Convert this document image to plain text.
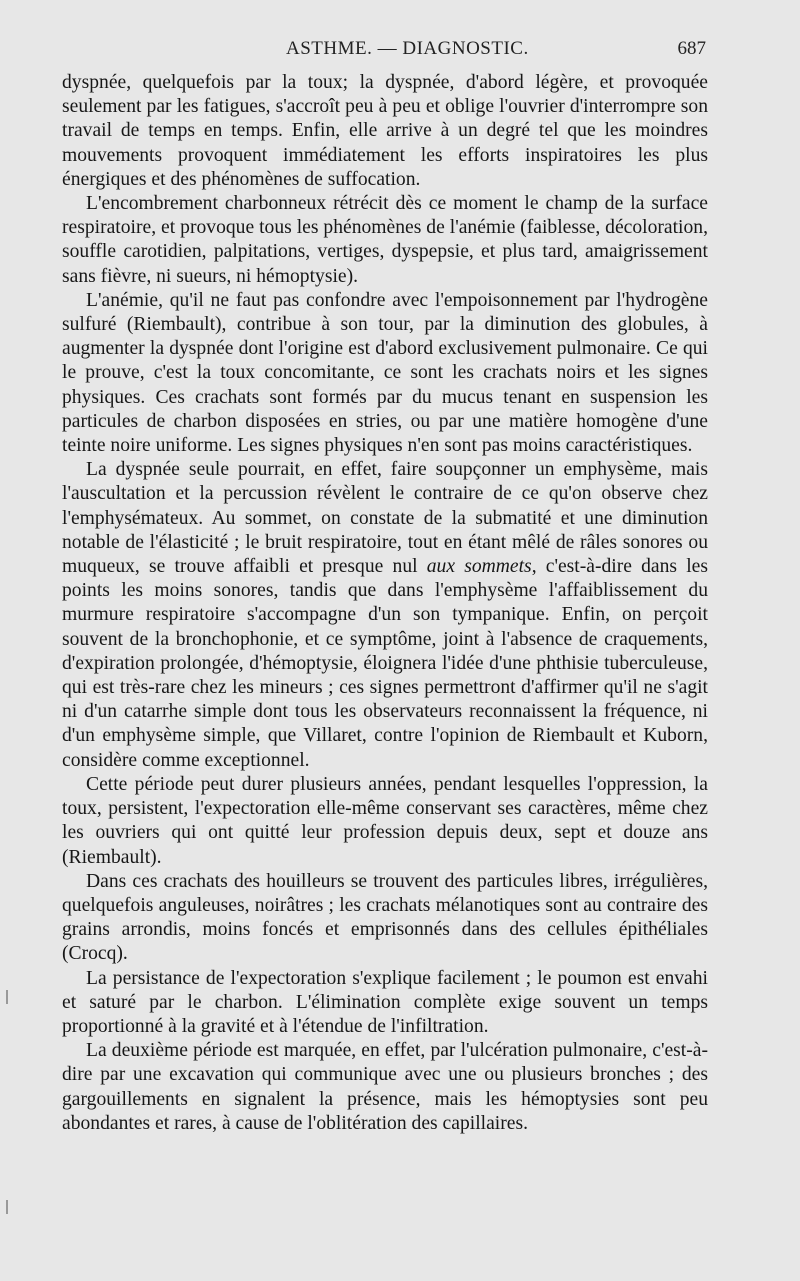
ASTHME. — DIAGNOSTIC.	687

dyspnée, quelquefois par la toux; la dyspnée, d'abord légère, et provoquée seulement par les fatigues, s'accroît peu à peu et oblige l'ouvrier d'interrompre son travail de temps en temps. Enfin, elle arrive à un degré tel que les moindres mouvements provoquent immédiatement les efforts inspiratoires les plus énergiques et des phénomènes de suffocation.

L'encombrement charbonneux rétrécit dès ce moment le champ de la surface respiratoire, et provoque tous les phénomènes de l'anémie (faiblesse, décoloration, souffle carotidien, palpitations, vertiges, dyspepsie, et plus tard, amaigrissement sans fièvre, ni sueurs, ni hémoptysie).

L'anémie, qu'il ne faut pas confondre avec l'empoisonnement par l'hydrogène sulfuré (Riembault), contribue à son tour, par la diminution des globules, à augmenter la dyspnée dont l'origine est d'abord exclusivement pulmonaire. Ce qui le prouve, c'est la toux concomitante, ce sont les crachats noirs et les signes physiques. Ces crachats sont formés par du mucus tenant en suspension les particules de charbon disposées en stries, ou par une matière homogène d'une teinte noire uniforme. Les signes physiques n'en sont pas moins caractéristiques.

La dyspnée seule pourrait, en effet, faire soupçonner un emphysème, mais l'auscultation et la percussion révèlent le contraire de ce qu'on observe chez l'emphysémateux. Au sommet, on constate de la submatité et une diminution notable de l'élasticité ; le bruit respiratoire, tout en étant mêlé de râles sonores ou muqueux, se trouve affaibli et presque nul aux sommets, c'est-à-dire dans les points les moins sonores, tandis que dans l'emphysème l'affaiblissement du murmure respiratoire s'accompagne d'un son tympanique. Enfin, on perçoit souvent de la bronchophonie, et ce symptôme, joint à l'absence de craquements, d'expiration prolongée, d'hémoptysie, éloignera l'idée d'une phthisie tuberculeuse, qui est très-rare chez les mineurs ; ces signes permettront d'affirmer qu'il ne s'agit ni d'un catarrhe simple dont tous les observateurs reconnaissent la fréquence, ni d'un emphysème simple, que Villaret, contre l'opinion de Riembault et Kuborn, considère comme exceptionnel.

Cette période peut durer plusieurs années, pendant lesquelles l'oppression, la toux, persistent, l'expectoration elle-même conservant ses caractères, même chez les ouvriers qui ont quitté leur profession depuis deux, sept et douze ans (Riembault).

Dans ces crachats des houilleurs se trouvent des particules libres, irrégulières, quelquefois anguleuses, noirâtres ; les crachats mélanotiques sont au contraire des grains arrondis, moins foncés et emprisonnés dans des cellules épithéliales (Crocq).

La persistance de l'expectoration s'explique facilement ; le poumon est envahi et saturé par le charbon. L'élimination complète exige souvent un temps proportionné à la gravité et à l'étendue de l'infiltration.

La deuxième période est marquée, en effet, par l'ulcération pulmonaire, c'est-à-dire par une excavation qui communique avec une ou plusieurs bronches ; des gargouillements en signalent la présence, mais les hémoptysies sont peu abondantes et rares, à cause de l'oblitération des capillaires.
